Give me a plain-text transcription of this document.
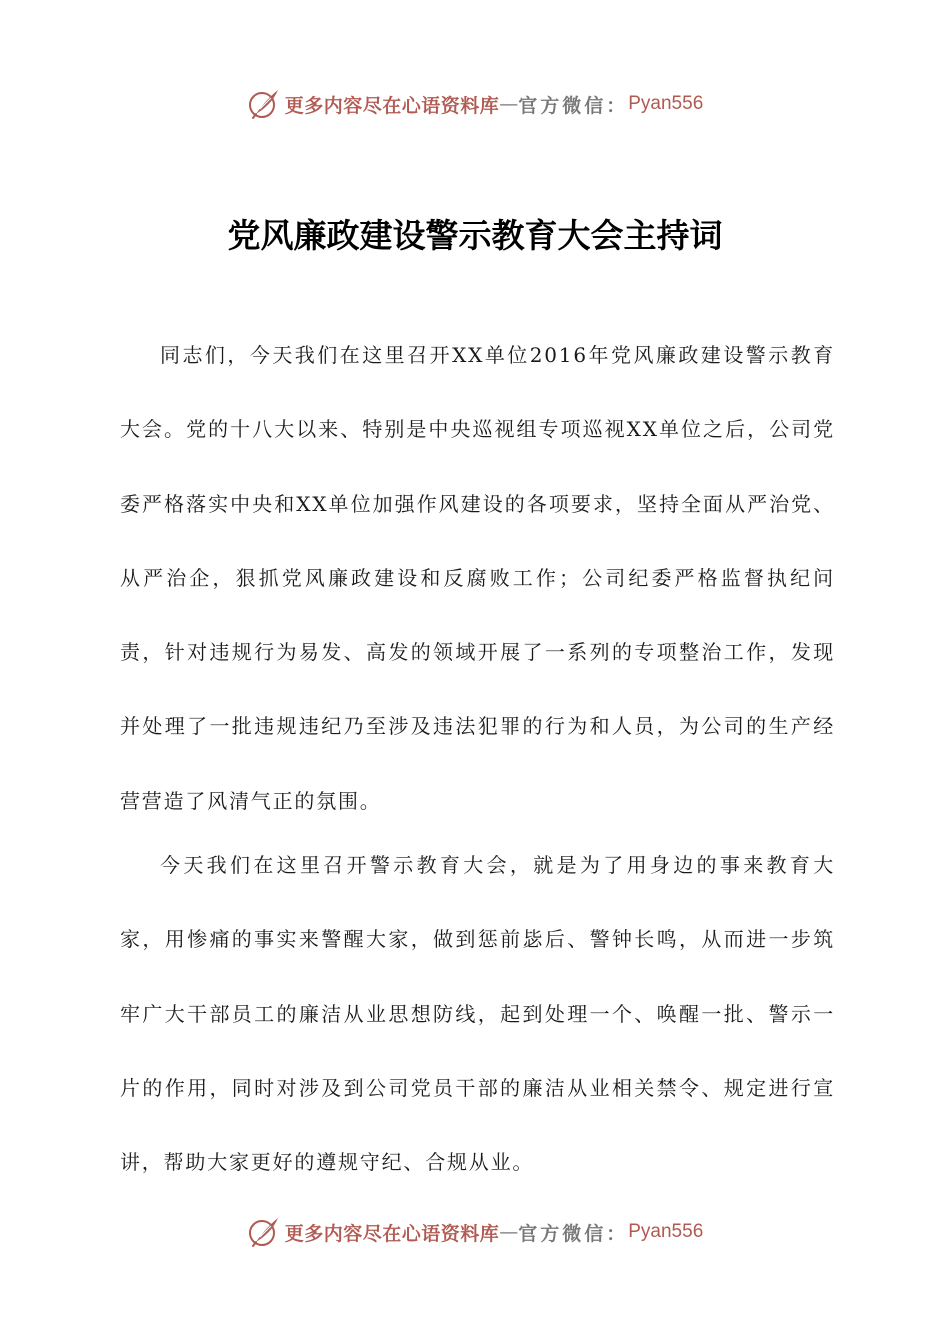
更多内容尽在心语资料库 — 官方微信： Pyan556
党风廉政建设警示教育大会主持词

同志们，今天我们在这里召开XX单位2016年党风廉政建设警示教育大会。党的十八大以来、特别是中央巡视组专项巡视XX单位之后，公司党委严格落实中央和XX单位加强作风建设的各项要求，坚持全面从严治党、从严治企，狠抓党风廉政建设和反腐败工作；公司纪委严格监督执纪问责，针对违规行为易发、高发的领域开展了一系列的专项整治工作，发现并处理了一批违规违纪乃至涉及违法犯罪的行为和人员，为公司的生产经营营造了风清气正的氛围。

今天我们在这里召开警示教育大会，就是为了用身边的事来教育大家，用惨痛的事实来警醒大家，做到惩前毖后、警钟长鸣，从而进一步筑牢广大干部员工的廉洁从业思想防线，起到处理一个、唤醒一批、警示一片的作用，同时对涉及到公司党员干部的廉洁从业相关禁令、规定进行宣讲，帮助大家更好的遵规守纪、合规从业。

更多内容尽在心语资料库 — 官方微信： Pyan556
